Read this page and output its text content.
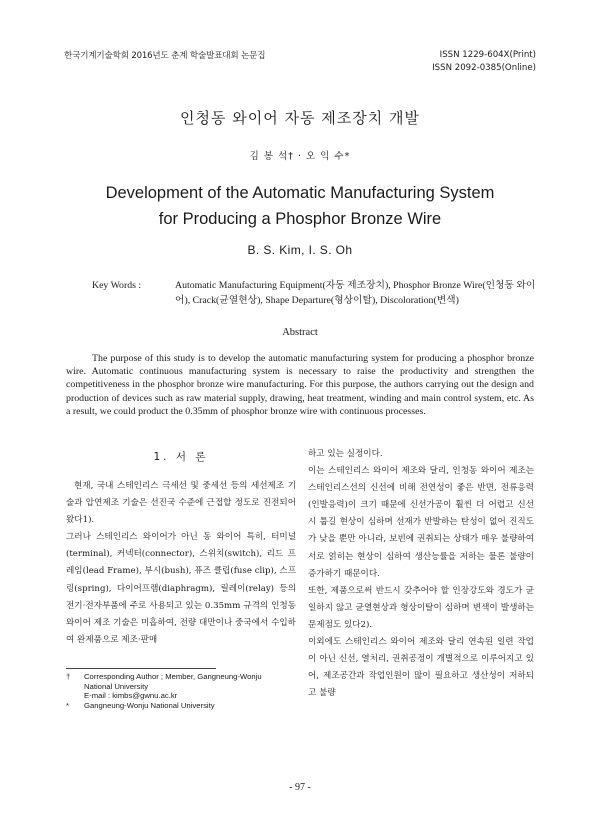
한국기계기술학회 2016년도 춘계 학술발표대회 논문집	ISSN 1229-604X(Print)
ISSN 2092-0385(Online)
인청동 와이어 자동 제조장치 개발
김 봉 석† · 오 익 수*
Development of the Automatic Manufacturing System
for Producing a Phosphor Bronze Wire
B. S. Kim, I. S. Oh
Key Words :	Automatic Manufacturing Equipment(자동 제조장치), Phosphor Bronze Wire(인청동 와이어), Crack(균열현상), Shape Departure(형상이탈), Discoloration(변색)
Abstract
The purpose of this study is to develop the automatic manufacturing system for producing a phosphor bronze wire. Automatic continuous manufacturing system is necessary to raise the productivity and strengthen the competitiveness in the phosphor bronze wire manufacturing. For this purpose, the authors carrying out the design and production of devices such as raw material supply, drawing, heat treatment, winding and main control system, etc. As a result, we could product the 0.35mm of phosphor bronze wire with continuous processes.

1. 서 론

현재, 국내 스테인리스 극세선 및 중세선 등의 세선제조 기술과 압연제조 기술은 선진국 수준에 근접할 정도로 진전되어 왔다1).

그러나 스테인리스 와이어가 아닌 동 와이어 특히, 터미널(terminal), 커넥터(connector), 스위치(switch), 리드 프레임(lead Frame), 부시(bush), 퓨즈 클립(fuse clip), 스프링(spring), 다이어프램(diaphragm), 릴레이(relay) 등의 전기·전자부품에 주로 사용되고 있는 0.35mm 규격의 인청동 와이어 제조 기술은 미흡하여, 전량 대만이나 중국에서 수입하여 완제품으로 제조·판매

하고 있는 실정이다.

이는 스테인리스 와이어 제조와 달리, 인청동 와이어 제조는 스테인리스선의 신선에 비해 전연성이 좋은 반면, 전류응력(인발응력)이 크기 때문에 신선가공이 훨씬 더 어렵고 신선 시 툽길 현상이 심하며 선재가 반발하는 탄성이 없어 진직도가 낮을 뿐만 아니라, 보빈에 권취되는 상태가 매우 불량하여 서로 얽히는 현상이 심하여 생산능률을 저하는 물론 불량이 증가하기 때문이다.

또한, 제품으로써 반드시 갖추어야 할 인장강도와 경도가 균일하지 않고 균열현상과 형상이탈이 심하며 변색이 발생하는 문제점도 있다2).

이외에도 스테인리스 와이어 제조와 달리 연속된 일련 작업이 아닌 신선, 열처리, 권취공정이 개별적으로 이루어지고 있어, 제조공간과 작업인원이 많이 필요하고 생산성이 저하되고 불량

† Corresponding Author ; Member, Gangneung-Wonju
National University
E-mail : kimbs@gwnu.ac.kr
* Gangneung-Wonju National University
- 97 -
